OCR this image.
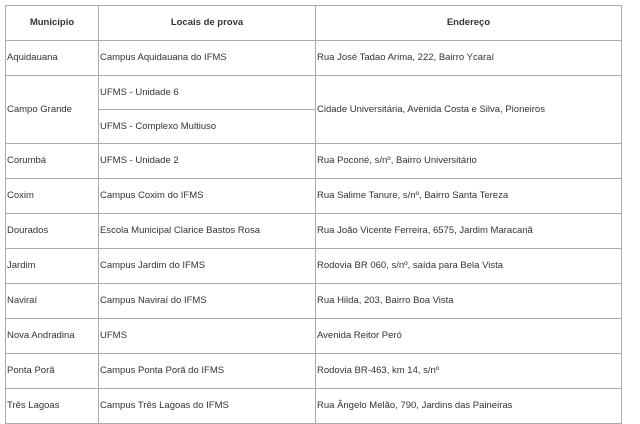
Município	Locais de prova	Endereço
Aquidauana	Campus Aquidauana do IFMS	Rua José Tadao Arima, 222, Bairro Ycaraí
Campo Grande	UFMS - Unidade 6	Cidade Universitária, Avenida Costa e Silva, Pioneiros
	UFMS - Complexo Multiuso	
Corumbá	UFMS - Unidade 2	Rua Poconé, s/nº, Bairro Universitário
Coxim	Campus Coxim do IFMS	Rua Salime Tanure, s/nº, Bairro Santa Tereza
Dourados	Escola Municipal Clarice Bastos Rosa	Rua João Vicente Ferreira, 6575, Jardim Maracanã
Jardim	Campus Jardim do IFMS	Rodovia BR 060, s/nº, saída para Bela Vista
Naviraí	Campus Naviraí do IFMS	Rua Hilda, 203, Bairro Boa Vista
Nova Andradina	UFMS	Avenida Reitor Peró
Ponta Porã	Campus Ponta Porã do IFMS	Rodovia BR-463, km 14, s/nº
Três Lagoas	Campus Três Lagoas do IFMS	Rua Ângelo Melão, 790, Jardins das Paineiras
